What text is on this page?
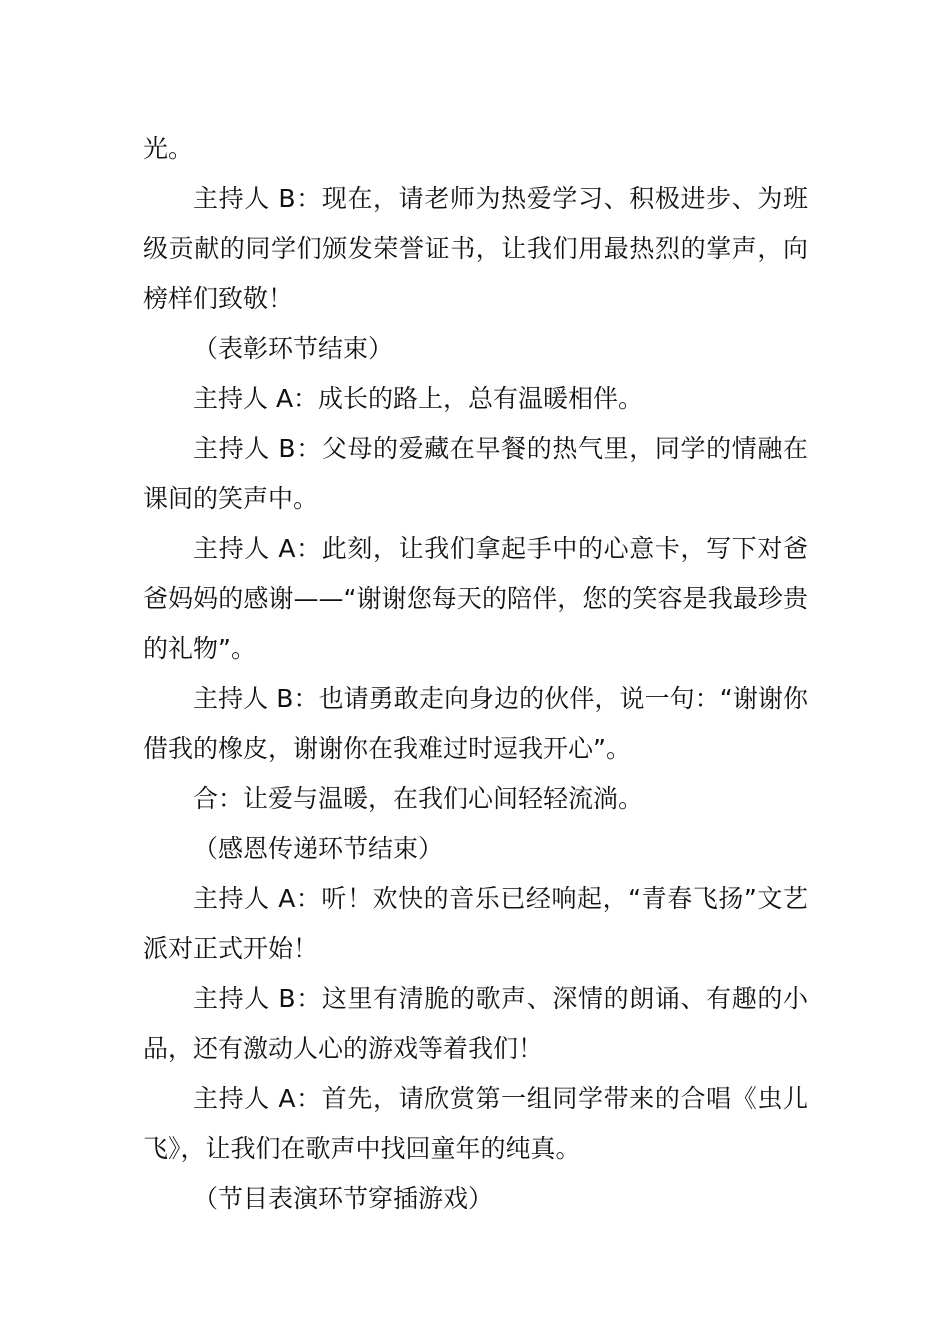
光。

主持人 B：现在，请老师为热爱学习、积极进步、为班级贡献的同学们颁发荣誉证书，让我们用最热烈的掌声，向榜样们致敬！

（表彰环节结束）

主持人 A：成长的路上，总有温暖相伴。

主持人 B：父母的爱藏在早餐的热气里，同学的情融在课间的笑声中。

主持人 A：此刻，让我们拿起手中的心意卡，写下对爸爸妈妈的感谢——“谢谢您每天的陪伴，您的笑容是我最珍贵的礼物”。

主持人 B：也请勇敢走向身边的伙伴，说一句：“谢谢你借我的橡皮，谢谢你在我难过时逗我开心”。

合：让爱与温暖，在我们心间轻轻流淌。

（感恩传递环节结束）

主持人 A：听！欢快的音乐已经响起，“青春飞扬”文艺派对正式开始！

主持人 B：这里有清脆的歌声、深情的朗诵、有趣的小品，还有激动人心的游戏等着我们！

主持人 A：首先，请欣赏第一组同学带来的合唱《虫儿飞》，让我们在歌声中找回童年的纯真。

（节目表演环节穿插游戏）
